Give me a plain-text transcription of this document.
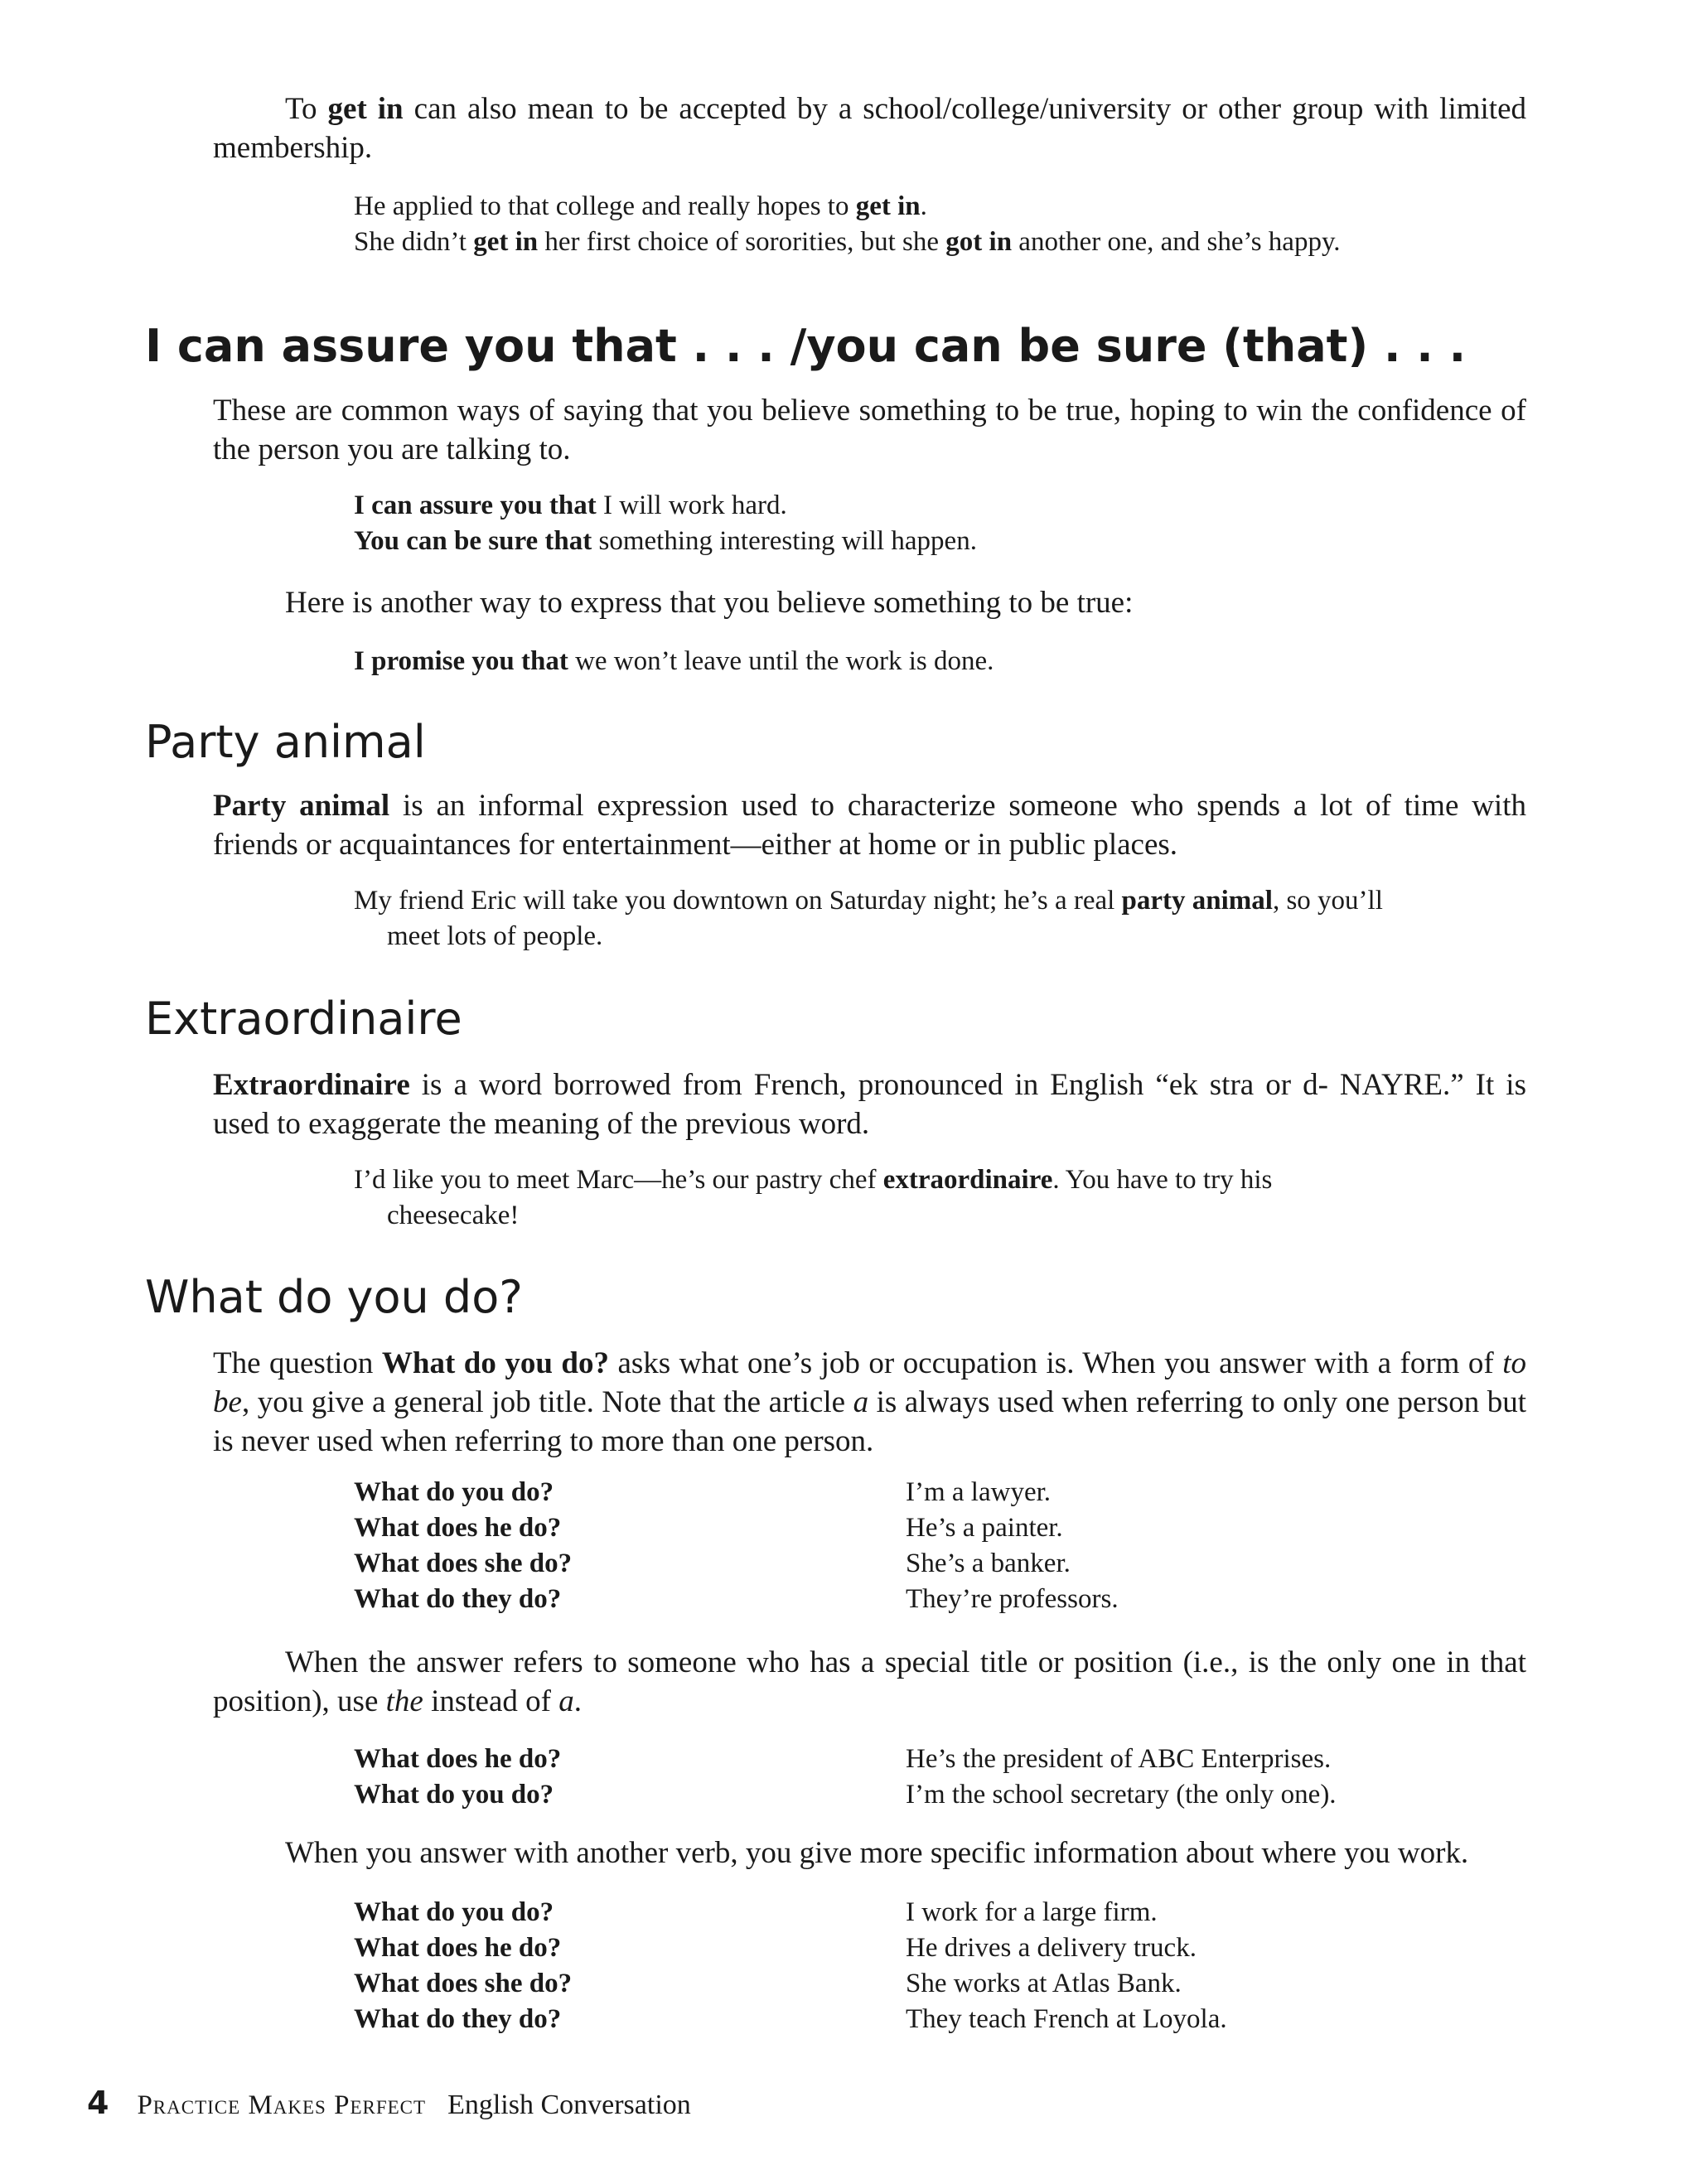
To get in can also mean to be accepted by a school/college/university or other group with limited membership.

He applied to that college and really hopes to get in.
She didn’t get in her first choice of sororities, but she got in another one, and she’s happy.
I can assure you that . . . /you can be sure (that) . . .

These are common ways of saying that you believe something to be true, hoping to win the confidence of the person you are talking to.

I can assure you that I will work hard.
You can be sure that something interesting will happen.

Here is another way to express that you believe something to be true:

I promise you that we won’t leave until the work is done.
Party animal

Party animal is an informal expression used to characterize someone who spends a lot of time with friends or acquaintances for entertainment—either at home or in public places.

My friend Eric will take you downtown on Saturday night; he’s a real party animal, so you’ll
meet lots of people.
Extraordinaire

Extraordinaire is a word borrowed from French, pronounced in English “ek stra or d- NAYRE.” It is used to exaggerate the meaning of the previous word.

I’d like you to meet Marc—he’s our pastry chef extraordinaire. You have to try his
cheesecake!
What do you do?

The question What do you do? asks what one’s job or occupation is. When you answer with a form of to be, you give a general job title. Note that the article a is always used when referring to only one person but is never used when referring to more than one person.

What do you do?	I’m a lawyer.
What does he do?	He’s a painter.
What does she do?	She’s a banker.
What do they do?	They’re professors.

When the answer refers to someone who has a special title or position (i.e., is the only one in that position), use the instead of a.

What does he do?	He’s the president of ABC Enterprises.
What do you do?	I’m the school secretary (the only one).

When you answer with another verb, you give more specific information about where you work.

What do you do?	I work for a large firm.
What does he do?	He drives a delivery truck.
What does she do?	She works at Atlas Bank.
What do they do?	They teach French at Loyola.
4 Practice Makes Perfect English Conversation
